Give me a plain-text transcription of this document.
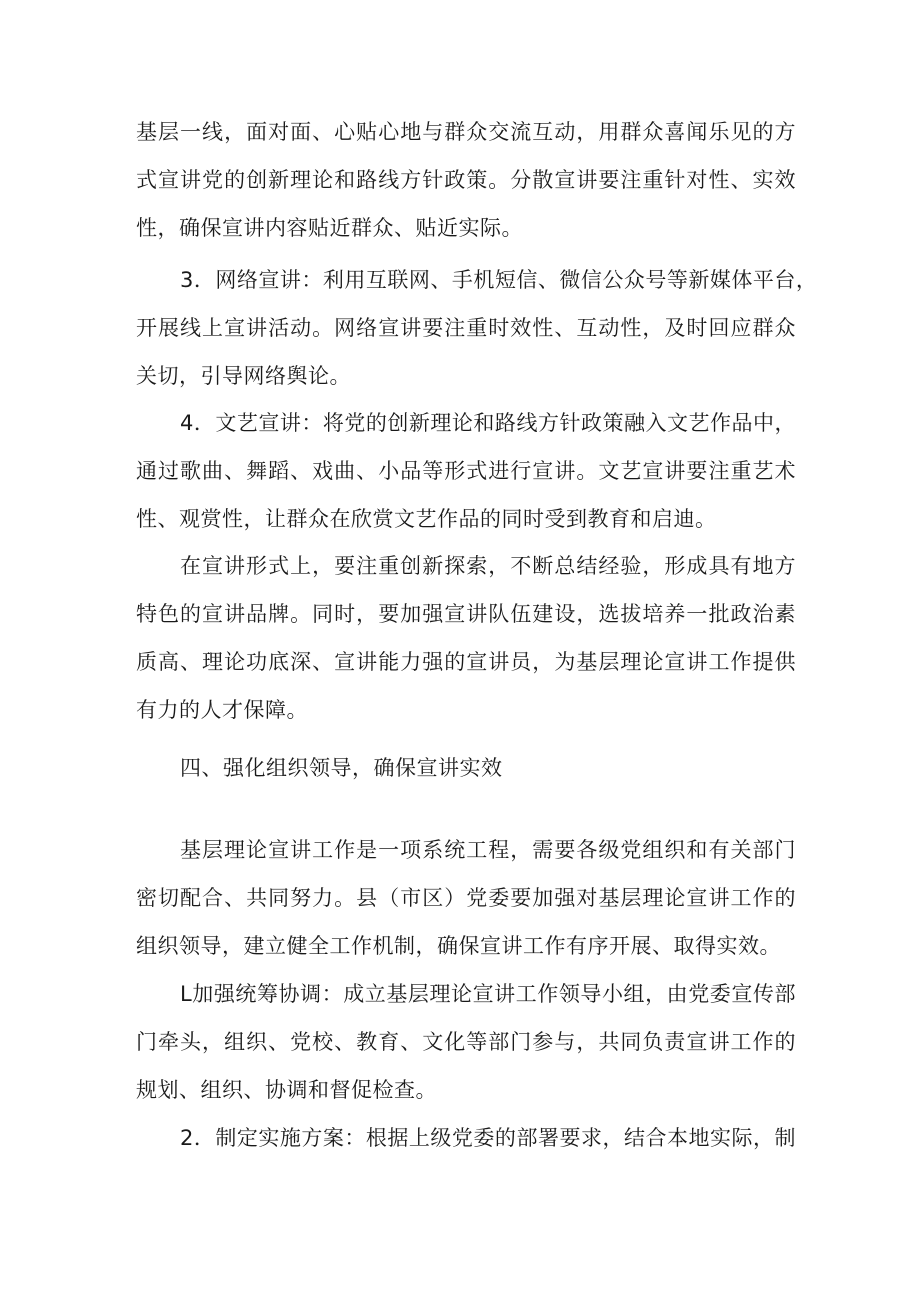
基层一线，面对面、心贴心地与群众交流互动，用群众喜闻乐见的方
式宣讲党的创新理论和路线方针政策。分散宣讲要注重针对性、实效
性，确保宣讲内容贴近群众、贴近实际。
3．网络宣讲：利用互联网、手机短信、微信公众号等新媒体平台，
开展线上宣讲活动。网络宣讲要注重时效性、互动性，及时回应群众
关切，引导网络舆论。
4．文艺宣讲：将党的创新理论和路线方针政策融入文艺作品中，
通过歌曲、舞蹈、戏曲、小品等形式进行宣讲。文艺宣讲要注重艺术
性、观赏性，让群众在欣赏文艺作品的同时受到教育和启迪。
在宣讲形式上，要注重创新探索，不断总结经验，形成具有地方
特色的宣讲品牌。同时，要加强宣讲队伍建设，选拔培养一批政治素
质高、理论功底深、宣讲能力强的宣讲员，为基层理论宣讲工作提供
有力的人才保障。
四、强化组织领导，确保宣讲实效
基层理论宣讲工作是一项系统工程，需要各级党组织和有关部门
密切配合、共同努力。县（市区）党委要加强对基层理论宣讲工作的
组织领导，建立健全工作机制，确保宣讲工作有序开展、取得实效。
L加强统筹协调：成立基层理论宣讲工作领导小组，由党委宣传部
门牵头，组织、党校、教育、文化等部门参与，共同负责宣讲工作的
规划、组织、协调和督促检查。
2．制定实施方案：根据上级党委的部署要求，结合本地实际，制
